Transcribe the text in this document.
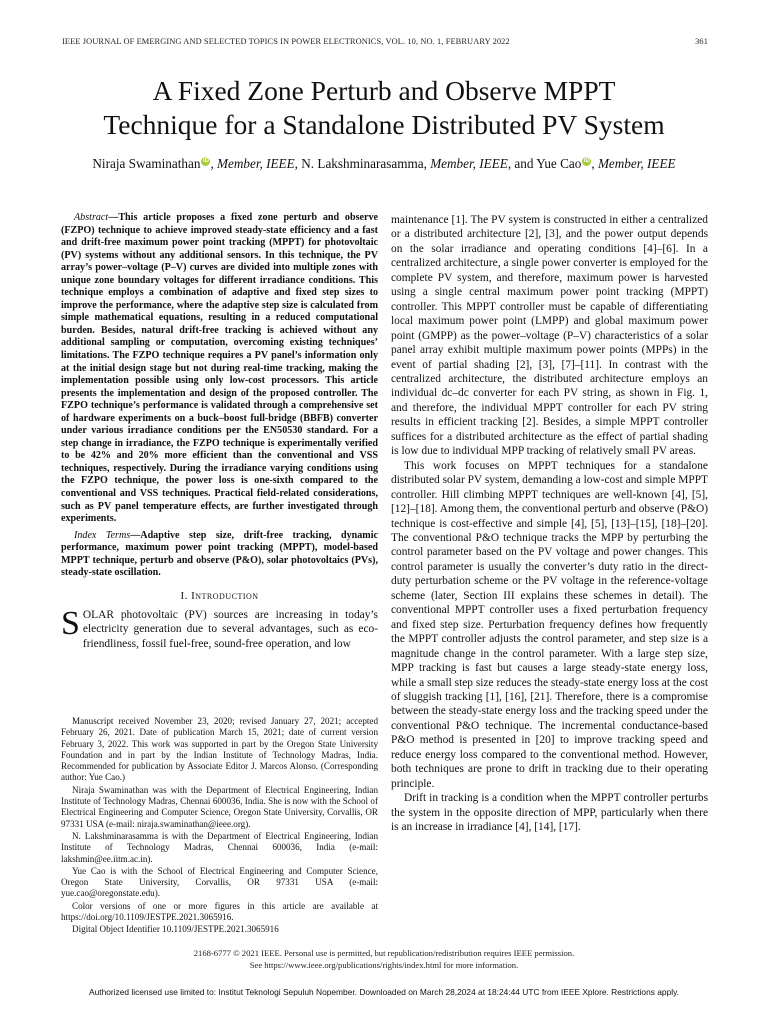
IEEE JOURNAL OF EMERGING AND SELECTED TOPICS IN POWER ELECTRONICS, VOL. 10, NO. 1, FEBRUARY 2022	361
A Fixed Zone Perturb and Observe MPPT
Technique for a Standalone Distributed PV System
Niraja Swaminathan iD , Member, IEEE, N. Lakshminarasamma, Member, IEEE, and Yue Cao iD , Member, IEEE

Abstract—This article proposes a fixed zone perturb and observe (FZPO) technique to achieve improved steady-state efficiency and a fast and drift-free maximum power point tracking (MPPT) for photovoltaic (PV) systems without any additional sensors. In this technique, the PV array’s power–voltage (P–V) curves are divided into multiple zones with unique zone boundary voltages for different irradiance conditions. This technique employs a combination of adaptive and fixed step sizes to improve the performance, where the adaptive step size is calculated from simple mathematical equations, resulting in a reduced computational burden. Besides, natural drift-free tracking is achieved without any additional sampling or computation, overcoming existing techniques’ limitations. The FZPO technique requires a PV panel’s information only at the initial design stage but not during real-time tracking, making the implementation possible using only low-cost processors. This article presents the implementation and design of the proposed controller. The FZPO technique’s performance is validated through a comprehensive set of hardware experiments on a buck–boost full-bridge (BBFB) converter under various irradiance conditions per the EN50530 standard. For a step change in irradiance, the FZPO technique is experimentally verified to be 42% and 20% more efficient than the conventional and VSS techniques, respectively. During the irradiance varying conditions using the FZPO technique, the power loss is one-sixth compared to the conventional and VSS techniques. Practical field-related considerations, such as PV panel temperature effects, are further investigated through experiments.

Index Terms—Adaptive step size, drift-free tracking, dynamic performance, maximum power point tracking (MPPT), model-based MPPT technique, perturb and observe (P&O), solar photovoltaics (PVs), steady-state oscillation.

I. Introduction

SOLAR photovoltaic (PV) sources are increasing in today’s electricity generation due to several advantages, such as eco-friendliness, fossil fuel-free, sound-free operation, and low

Manuscript received November 23, 2020; revised January 27, 2021; accepted February 26, 2021. Date of publication March 15, 2021; date of current version February 3, 2022. This work was supported in part by the Oregon State University Foundation and in part by the Indian Institute of Technology Madras, India. Recommended for publication by Associate Editor J. Marcos Alonso. (Corresponding author: Yue Cao.)

Niraja Swaminathan was with the Department of Electrical Engineering, Indian Institute of Technology Madras, Chennai 600036, India. She is now with the School of Electrical Engineering and Computer Science, Oregon State University, Corvallis, OR 97331 USA (e-mail: niraja.swaminathan@ieee.org).

N. Lakshminarasamma is with the Department of Electrical Engineering, Indian Institute of Technology Madras, Chennai 600036, India (e-mail: lakshmin@ee.iitm.ac.in).

Yue Cao is with the School of Electrical Engineering and Computer Science, Oregon State University, Corvallis, OR 97331 USA (e-mail: yue.cao@oregonstate.edu).

Color versions of one or more figures in this article are available at https://doi.org/10.1109/JESTPE.2021.3065916.

Digital Object Identifier 10.1109/JESTPE.2021.3065916

maintenance [1]. The PV system is constructed in either a centralized or a distributed architecture [2], [3], and the power output depends on the solar irradiance and operating conditions [4]–[6]. In a centralized architecture, a single power converter is employed for the complete PV system, and therefore, maximum power is harvested using a single central maximum power point tracking (MPPT) controller. This MPPT controller must be capable of differentiating local maximum power point (LMPP) and global maximum power point (GMPP) as the power–voltage (P–V) characteristics of a solar panel array exhibit multiple maximum power points (MPPs) in the event of partial shading [2], [3], [7]–[11]. In contrast with the centralized architecture, the distributed architecture employs an individual dc–dc converter for each PV string, as shown in Fig. 1, and therefore, the individual MPPT controller for each PV string results in efficient tracking [2]. Besides, a simple MPPT controller suffices for a distributed architecture as the effect of partial shading is low due to individual MPP tracking of relatively small PV areas.

This work focuses on MPPT techniques for a standalone distributed solar PV system, demanding a low-cost and simple MPPT controller. Hill climbing MPPT techniques are well-known [4], [5], [12]–[18]. Among them, the conventional perturb and observe (P&O) technique is cost-effective and simple [4], [5], [13]–[15], [18]–[20]. The conventional P&O technique tracks the MPP by perturbing the control parameter based on the PV voltage and power changes. This control parameter is usually the converter’s duty ratio in the direct-duty perturbation scheme or the PV voltage in the reference-voltage scheme (later, Section III explains these schemes in detail). The conventional MPPT controller uses a fixed perturbation frequency and fixed step size. Perturbation frequency defines how frequently the MPPT controller adjusts the control parameter, and step size is a magnitude change in the control parameter. With a large step size, MPP tracking is fast but causes a large steady-state energy loss, while a small step size reduces the steady-state energy loss at the cost of sluggish tracking [1], [16], [21]. Therefore, there is a compromise between the steady-state energy loss and the tracking speed under the conventional P&O technique. The incremental conductance-based P&O method is presented in [20] to improve tracking speed and reduce energy loss compared to the conventional method. However, both techniques are prone to drift in tracking due to their operating principle.

Drift in tracking is a condition when the MPPT controller perturbs the system in the opposite direction of MPP, particularly when there is an increase in irradiance [4], [14], [17].

2168-6777 © 2021 IEEE. Personal use is permitted, but republication/redistribution requires IEEE permission.
See https://www.ieee.org/publications/rights/index.html for more information.
Authorized licensed use limited to: Institut Teknologi Sepuluh Nopember. Downloaded on March 28,2024 at 18:24:44 UTC from IEEE Xplore. Restrictions apply.
